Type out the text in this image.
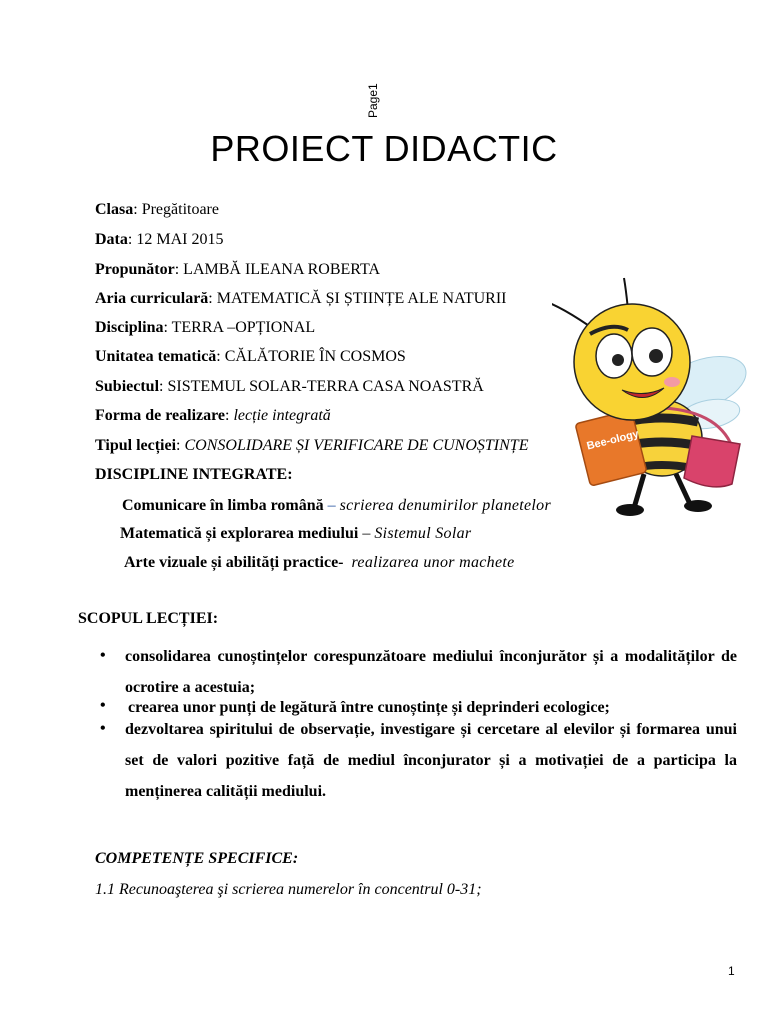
Page1
PROIECT DIDACTIC
Clasa: Pregătitoare
Data: 12 MAI 2015
Propunător: LAMBĂ ILEANA ROBERTA
Aria curriculară: MATEMATICĂ ȘI ȘTIINȚE ALE NATURII
Disciplina: TERRA –OPȚIONAL
Unitatea tematică: CĂLĂTORIE ÎN COSMOS
Subiectul: SISTEMUL SOLAR-TERRA CASA NOASTRĂ
Forma de realizare: lecție integrată
Tipul lecției: CONSOLIDARE ȘI VERIFICARE DE CUNOȘTINȚE
DISCIPLINE INTEGRATE:
Comunicare în limba română – scrierea denumirilor planetelor
Matematică și explorarea mediului – Sistemul Solar
Arte vizuale și abilități practice- realizarea unor machete
SCOPUL LECȚIEI:
• consolidarea cunoștințelor corespunzătoare mediului înconjurător și a modalităților de ocrotire a acestuia;
• crearea unor punți de legătură între cunoștințe și deprinderi ecologice;
• dezvoltarea spiritului de observație, investigare și cercetare al elevilor și formarea unui set de valori pozitive față de mediul înconjurator și a motivației de a participa la menținerea calității mediului.
COMPETENȚE SPECIFICE:
1.1 Recunoaşterea şi scrierea numerelor în concentrul 0-31;
1
Bee-ology
